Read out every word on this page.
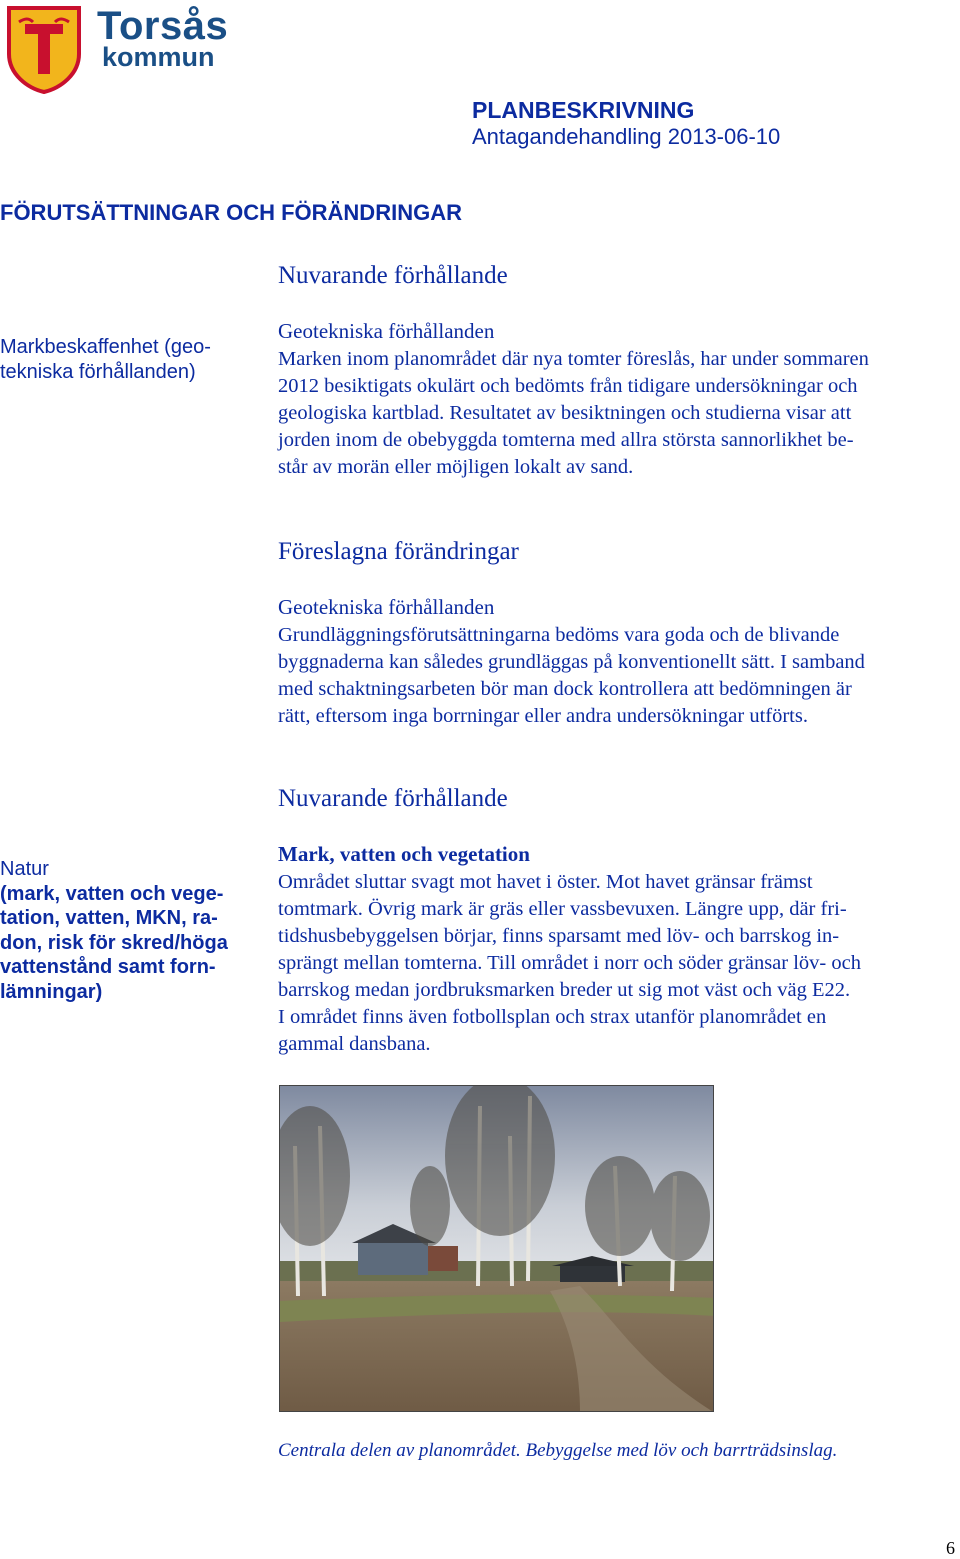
Torsås
kommun
PLANBESKRIVNING
Antagandehandling 2013-06-10
FÖRUTSÄTTNINGAR OCH FÖRÄNDRINGAR
Markbeskaffenhet (geo-
tekniska förhållanden)
Nuvarande förhållande
Geotekniska förhållanden
Marken inom planområdet där nya tomter föreslås, har under sommaren
2012 besiktigats okulärt och bedömts från tidigare undersökningar och
geologiska kartblad. Resultatet av besiktningen och studierna visar att
jorden inom de obebyggda tomterna med allra största sannorlikhet be-
står av morän eller möjligen lokalt av sand.
Föreslagna förändringar
Geotekniska förhållanden
Grundläggningsförutsättningarna bedöms vara goda och de blivande
byggnaderna kan således grundläggas på konventionellt sätt. I samband
med schaktningsarbeten bör man dock kontrollera att bedömningen är
rätt, eftersom inga borrningar eller andra undersökningar utförts.
Natur
(mark, vatten och vege-
tation, vatten, MKN, ra-
don, risk för skred/höga
vattenstånd samt forn-
lämningar)
Nuvarande förhållande
Mark, vatten och vegetation
Området sluttar svagt mot havet i öster. Mot havet gränsar främst
tomtmark. Övrig mark är gräs eller vassbevuxen. Längre upp, där fri-
tidshusbebyggelsen börjar, finns sparsamt med löv- och barrskog in-
sprängt mellan tomterna. Till området i norr och söder gränsar löv- och
barrskog medan jordbruksmarken breder ut sig mot väst och väg E22.
I området finns även fotbollsplan och strax utanför planområdet en
gammal dansbana.
Centrala delen av planområdet. Bebyggelse med löv och barrträdsinslag.
6
